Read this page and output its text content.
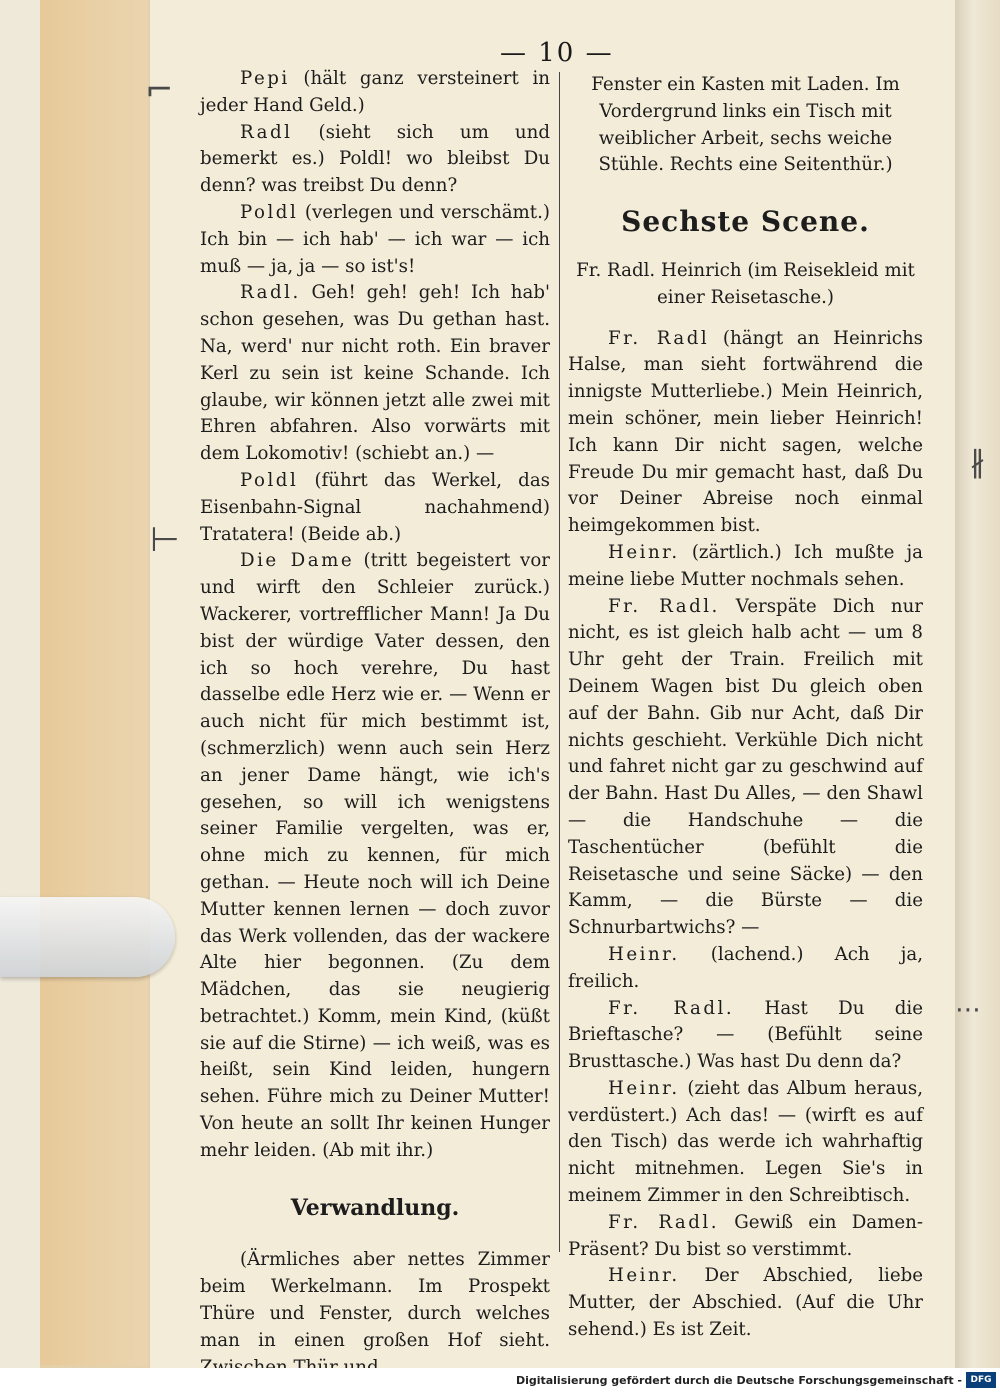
⌐
⊢
∦
⋯
— 10 —

Pepi (hält ganz versteinert in jeder Hand Geld.)

Radl (sieht sich um und bemerkt es.) Poldl! wo bleibst Du denn? was treibst Du denn?

Poldl (verlegen und verschämt.) Ich bin — ich hab' — ich war — ich muß — ja, ja — so ist's!

Radl. Geh! geh! geh! Ich hab' schon gesehen, was Du gethan hast. Na, werd' nur nicht roth. Ein braver Kerl zu sein ist keine Schande. Ich glaube, wir können jetzt alle zwei mit Ehren abfahren. Also vorwärts mit dem Lokomotiv! (schiebt an.) —

Poldl (führt das Werkel, das Eisenbahn-Signal nachahmend) Tratatera! (Beide ab.)

Die Dame (tritt begeistert vor und wirft den Schleier zurück.) Wackerer, vortrefflicher Mann! Ja Du bist der würdige Vater dessen, den ich so hoch verehre, Du hast dasselbe edle Herz wie er. — Wenn er auch nicht für mich bestimmt ist, (schmerzlich) wenn auch sein Herz an jener Dame hängt, wie ich's gesehen, so will ich wenigstens seiner Familie vergelten, was er, ohne mich zu kennen, für mich gethan. — Heute noch will ich Deine Mutter kennen lernen — doch zuvor das Werk vollenden, das der wackere Alte hier begonnen. (Zu dem Mädchen, das sie neugierig betrachtet.) Komm, mein Kind, (küßt sie auf die Stirne) — ich weiß, was es heißt, sein Kind leiden, hungern sehen. Führe mich zu Deiner Mutter! Von heute an sollt Ihr keinen Hunger mehr leiden. (Ab mit ihr.)

Verwandlung.

(Ärmliches aber nettes Zimmer beim Werkelmann. Im Prospekt Thüre und Fenster, durch welches man in einen großen Hof sieht.

Fenster ein Kasten mit Laden. Im Vordergrund links ein Tisch mit weiblicher Arbeit, sechs weiche Stühle. Rechts eine Seitenthür.)

Sechste Scene.

Fr. Radl. Heinrich (im Reisekleid mit einer Reisetasche.)

Fr. Radl (hängt an Heinrichs Halse, man sieht fortwährend die innigste Mutterliebe.) Mein Heinrich, mein schöner, mein lieber Heinrich! Ich kann Dir nicht sagen, welche Freude Du mir gemacht hast, daß Du vor Deiner Abreise noch einmal heimgekommen bist.

Heinr. (zärtlich.) Ich mußte ja meine liebe Mutter nochmals sehen.

Fr. Radl. Verspäte Dich nur nicht, es ist gleich halb acht — um 8 Uhr geht der Train. Freilich mit Deinem Wagen bist Du gleich oben auf der Bahn. Gib nur Acht, daß Dir nichts geschieht. Verkühle Dich nicht und fahret nicht gar zu geschwind auf der Bahn. Hast Du Alles, — den Shawl — die Handschuhe — die Taschentücher (befühlt die Reisetasche und seine Säcke) — den Kamm, — die Bürste — die Schnurbartwichs? —

Heinr. (lachend.) Ach ja, freilich.

Fr. Radl. Hast Du die Brieftasche? — (Befühlt seine Brusttasche.) Was hast Du denn da?

Heinr. (zieht das Album heraus, verdüstert.) Ach das! — (wirft es auf den Tisch) das werde ich wahrhaftig nicht mitnehmen. Legen Sie's in meinem Zimmer in den Schreibtisch.

Fr. Radl. Gewiß ein Damen-Präsent? Du bist so verstimmt.

Heinr. Der Abschied, liebe Mutter, der Abschied. (Auf die Uhr sehend.) Es ist Zeit.

Digitalisierung gefördert durch die Deutsche Forschungsgemeinschaft - DFG
